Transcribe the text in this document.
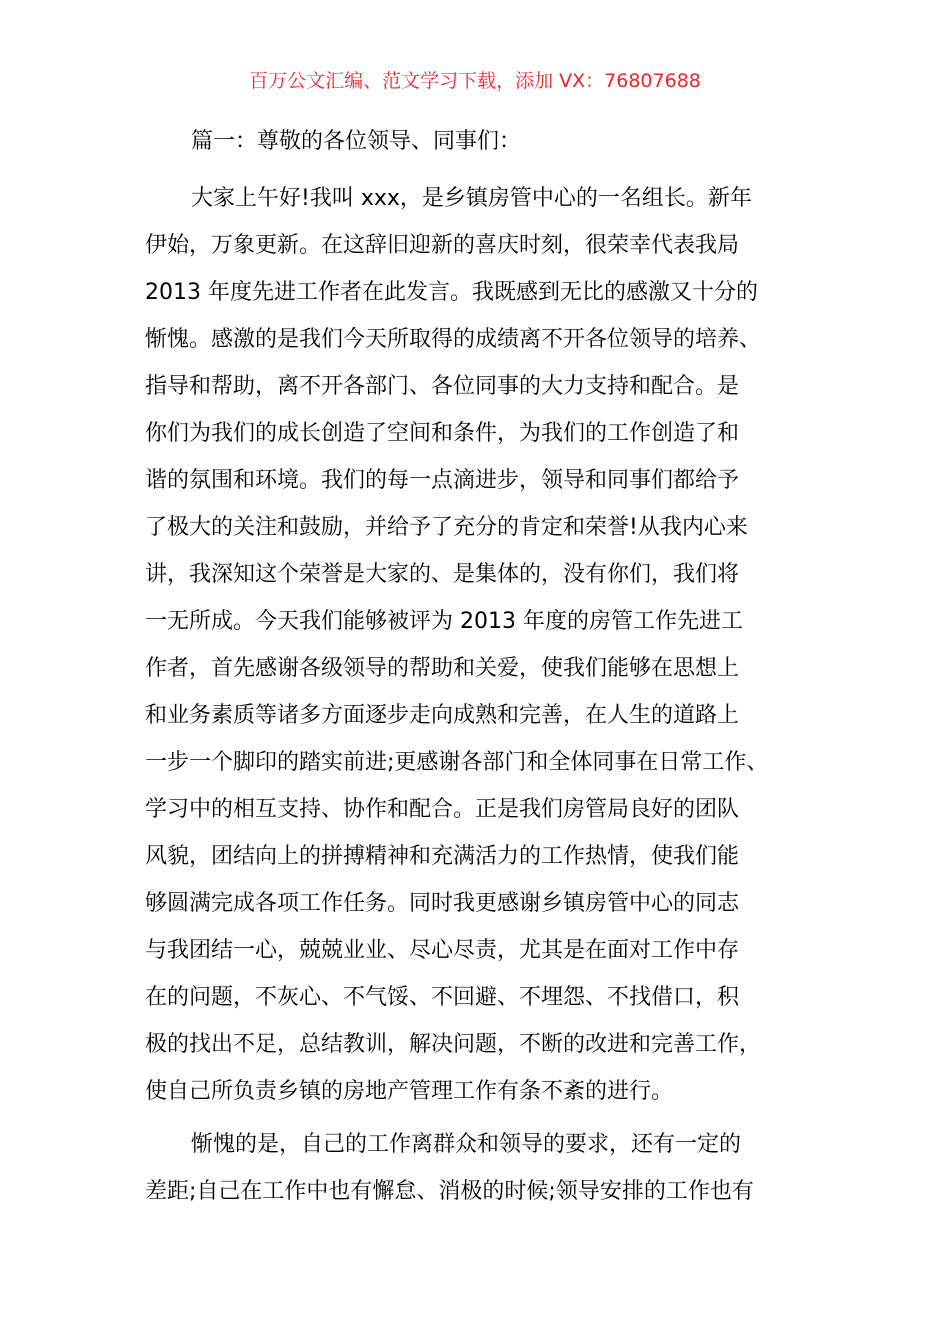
百万公文汇编、范文学习下载，添加 VX：76807688

篇一：尊敬的各位领导、同事们：

大家上午好!我叫 xxx，是乡镇房管中心的一名组长。新年
伊始，万象更新。在这辞旧迎新的喜庆时刻，很荣幸代表我局
2013 年度先进工作者在此发言。我既感到无比的感激又十分的
惭愧。感激的是我们今天所取得的成绩离不开各位领导的培养、
指导和帮助，离不开各部门、各位同事的大力支持和配合。是
你们为我们的成长创造了空间和条件，为我们的工作创造了和
谐的氛围和环境。我们的每一点滴进步，领导和同事们都给予
了极大的关注和鼓励，并给予了充分的肯定和荣誉!从我内心来
讲，我深知这个荣誉是大家的、是集体的，没有你们，我们将
一无所成。今天我们能够被评为 2013 年度的房管工作先进工
作者，首先感谢各级领导的帮助和关爱，使我们能够在思想上
和业务素质等诸多方面逐步走向成熟和完善，在人生的道路上
一步一个脚印的踏实前进;更感谢各部门和全体同事在日常工作、
学习中的相互支持、协作和配合。正是我们房管局良好的团队
风貌，团结向上的拼搏精神和充满活力的工作热情，使我们能
够圆满完成各项工作任务。同时我更感谢乡镇房管中心的同志
与我团结一心，兢兢业业、尽心尽责，尤其是在面对工作中存
在的问题，不灰心、不气馁、不回避、不埋怨、不找借口，积
极的找出不足，总结教训，解决问题，不断的改进和完善工作，
使自己所负责乡镇的房地产管理工作有条不紊的进行。

惭愧的是，自己的工作离群众和领导的要求，还有一定的
差距;自己在工作中也有懈怠、消极的时候;领导安排的工作也有
